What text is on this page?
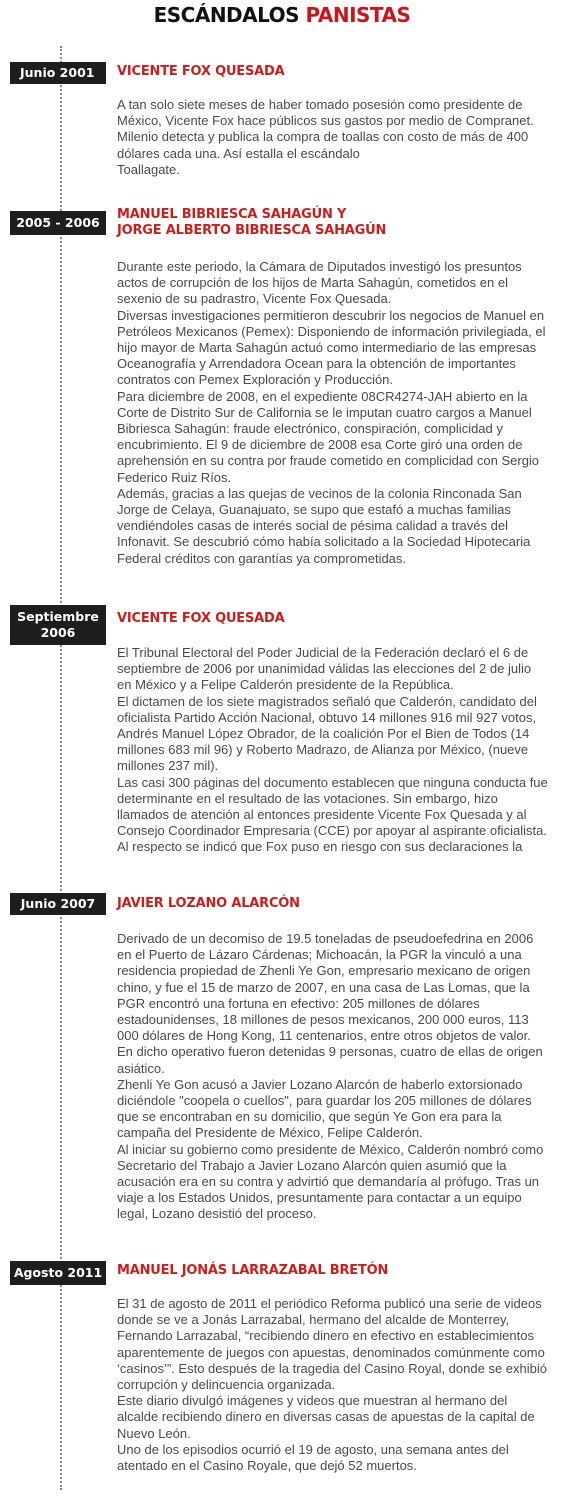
ESCÁNDALOS PANISTAS
Junio 2001	VICENTE FOX QUESADA

A tan solo siete meses de haber tomado posesión como presidente de México, Vicente Fox hace públicos sus gastos por medio de Compranet. Milenio detecta y publica la compra de toallas con costo de más de 400 dólares cada una. Así estalla el escándalo

Toallagate.

2005 - 2006
MANUEL BIBRIESCA SAHAGÚN Y
JORGE ALBERTO BIBRIESCA SAHAGÚN

Durante este periodo, la Cámara de Diputados investigó los presuntos actos de corrupción de los hijos de Marta Sahagún, cometidos en el sexenio de su padrastro, Vicente Fox Quesada.

Diversas investigaciones permitieron descubrir los negocios de Manuel en Petróleos Mexicanos (Pemex): Disponiendo de información privilegiada, el hijo mayor de Marta Sahagún actuó como intermediario de las empresas Oceanografía y Arrendadora Ocean para la obtención de importantes contratos con Pemex Exploración y Producción.

Para diciembre de 2008, en el expediente 08CR4274-JAH abierto en la Corte de Distrito Sur de California se le imputan cuatro cargos a Manuel Bibriesca Sahagún: fraude electrónico, conspiración, complicidad y encubrimiento. El 9 de diciembre de 2008 esa Corte giró una orden de aprehensión en su contra por fraude cometido en complicidad con Sergio Federico Ruiz Ríos.

Además, gracias a las quejas de vecinos de la colonia Rinconada San Jorge de Celaya, Guanajuato, se supo que estafó a muchas familias vendiéndoles casas de interés social de pésima calidad a través del Infonavit. Se descubrió cómo había solicitado a la Sociedad Hipotecaria Federal créditos con garantías ya comprometidas.

Septiembre 2006
VICENTE FOX QUESADA

El Tribunal Electoral del Poder Judicial de la Federación declaró el 6 de septiembre de 2006 por unanimidad válidas las elecciones del 2 de julio en México y a Felipe Calderón presidente de la República.

El dictamen de los siete magistrados señaló que Calderón, candidato del oficialista Partido Acción Nacional, obtuvo 14 millones 916 mil 927 votos, Andrés Manuel López Obrador, de la coalición Por el Bien de Todos (14 millones 683 mil 96) y Roberto Madrazo, de Alianza por México, (nueve millones 237 mil).

Las casi 300 páginas del documento establecen que ninguna conducta fue determinante en el resultado de las votaciones. Sin embargo, hizo llamados de atención al entonces presidente Vicente Fox Quesada y al Consejo Coordinador Empresaria (CCE) por apoyar al aspirante oficialista.

Al respecto se indicó que Fox puso en riesgo con sus declaraciones la

Junio 2007	JAVIER LOZANO ALARCÓN

Derivado de un decomiso de 19.5 toneladas de pseudoefedrina en 2006 en el Puerto de Lázaro Cárdenas; Michoacán, la PGR la vinculó a una residencia propiedad de Zhenli Ye Gon, empresario mexicano de origen chino, y fue el 15 de marzo de 2007, en una casa de Las Lomas, que la PGR encontró una fortuna en efectivo: 205 millones de dólares estadounidenses, 18 millones de pesos mexicanos, 200 000 euros, 113 000 dólares de Hong Kong, 11 centenarios, entre otros objetos de valor. En dicho operativo fueron detenidas 9 personas, cuatro de ellas de origen asiático.

Zhenli Ye Gon acusó a Javier Lozano Alarcón de haberlo extorsionado diciéndole "coopela o cuellos", para guardar los 205 millones de dólares que se encontraban en su domicilio, que según Ye Gon era para la campaña del Presidente de México, Felipe Calderón.

Al iniciar su gobierno como presidente de México, Calderón nombró como Secretario del Trabajo a Javier Lozano Alarcón quien asumió que la acusación era en su contra y advirtió que demandaría al prófugo. Tras un viaje a los Estados Unidos, presuntamente para contactar a un equipo legal, Lozano desistió del proceso.

Agosto 2011 MANUEL JONÁS LARRAZABAL BRETÓN

El 31 de agosto de 2011 el periódico Reforma publicó una serie de videos donde se ve a Jonás Larrazabal, hermano del alcalde de Monterrey, Fernando Larrazabal, “recibiendo dinero en efectivo en establecimientos aparentemente de juegos con apuestas, denominados comúnmente como ‘casinos’”. Esto después de la tragedia del Casino Royal, donde se exhibió corrupción y delincuencia organizada.

Este diario divulgó imágenes y videos que muestran al hermano del alcalde recibiendo dinero en diversas casas de apuestas de la capital de Nuevo León.

Uno de los episodios ocurrió el 19 de agosto, una semana antes del atentado en el Casino Royale, que dejó 52 muertos.
